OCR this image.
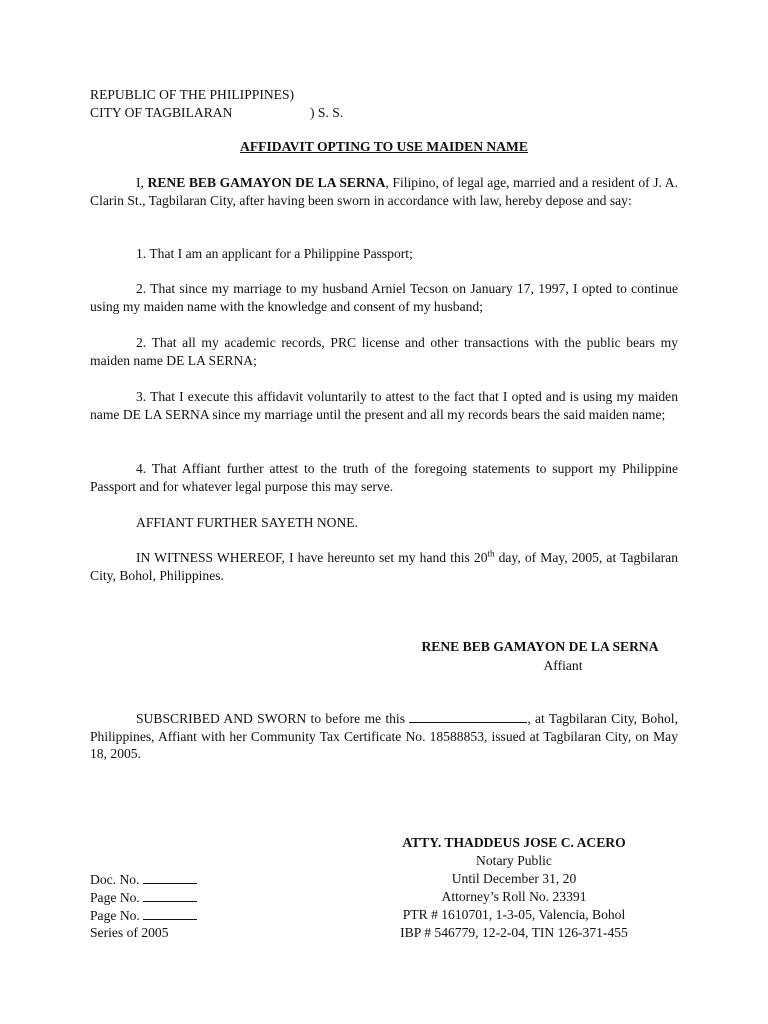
REPUBLIC OF THE PHILIPPINES)
CITY OF TAGBILARAN	) S. S.
AFFIDAVIT OPTING TO USE MAIDEN NAME
I, RENE BEB GAMAYON DE LA SERNA, Filipino, of legal age, married and a resident of J. A. Clarin St., Tagbilaran City, after having been sworn in accordance with law, hereby depose and say:
1. That I am an applicant for a Philippine Passport;
2. That since my marriage to my husband Arniel Tecson on January 17, 1997, I opted to continue using my maiden name with the knowledge and consent of my husband;
2. That all my academic records, PRC license and other transactions with the public bears my maiden name DE LA SERNA;
3. That I execute this affidavit voluntarily to attest to the fact that I opted and is using my maiden name DE LA SERNA since my marriage until the present and all my records bears the said maiden name;
4. That Affiant further attest to the truth of the foregoing statements to support my Philippine Passport and for whatever legal purpose this may serve.
AFFIANT FURTHER SAYETH NONE.
IN WITNESS WHEREOF, I have hereunto set my hand this 20th day, of May, 2005, at Tagbilaran City, Bohol, Philippines.
RENE BEB GAMAYON DE LA SERNA
Affiant
SUBSCRIBED AND SWORN to before me this	, at Tagbilaran City, Bohol, Philippines, Affiant with her Community Tax Certificate No. 18588853, issued at Tagbilaran City, on May 18, 2005.
ATTY. THADDEUS JOSE C. ACERO
Notary Public
Until December 31, 20
Attorney’s Roll No. 23391
PTR # 1610701, 1-3-05, Valencia, Bohol
IBP # 546779, 12-2-04, TIN 126-371-455
Doc. No.
Page No.
Page No.
Series of 2005
